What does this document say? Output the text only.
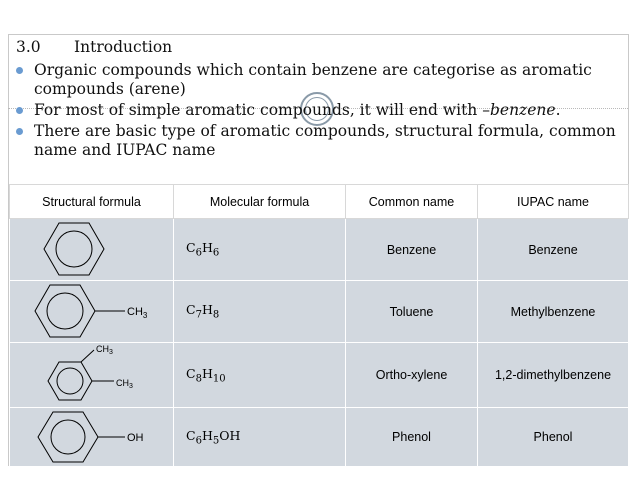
3.0 Introduction
Organic compounds which contain benzene are categorise as aromatic compounds (arene)
For most of simple aromatic compounds, it will end with –benzene.
There are basic type of aromatic compounds, structural formula, common name and IUPAC name
Structural formula	Molecular formula	Common name	IUPAC name

	$C_6H_6$	Benzene	Benzene

$CH_3$	$C_7H_8$	Toluene	Methylbenzene

$CH_3$
$CH_3$	$C_8H_{10}$	Ortho-xylene	1,2-dimethylbenzene

OH	$C_6H_5OH$	Phenol	Phenol
